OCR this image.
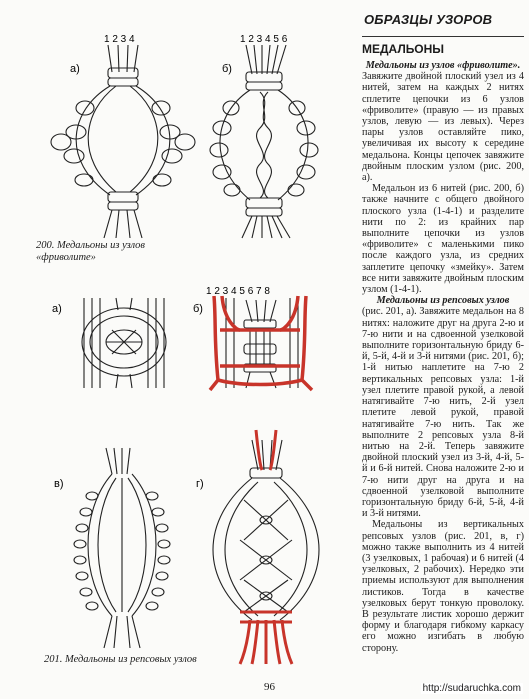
а)
1 2 3 4
б)
1 2 3 4 5 6
а)	б)
1 2 3 4 5 6 7 8
в)	г)
200. Медальоны из узлов
«фриволите»
201. Медальоны из репсовых узлов
ОБРАЗЦЫ УЗОРОВ
МЕДАЛЬОНЫ

Медальоны из узлов «фриволите».

Завяжите двойной плоский узел из 4 нитей, затем на каждых 2 нитях сплетите цепочки из 6 узлов «фриволите» (правую — из правых узлов, левую — из левых). Через пары узлов оставляйте пико, увеличивая их высоту к середине медальона. Концы цепочек завяжите двойным плоским узлом (рис. 200, а).

Медальон из 6 нитей (рис. 200, б) также начните с общего двойного плоского узла (1-4-1) и разделите нити по 2: из крайних пар выполните цепочки из узлов «фриволите» с маленькими пико после каждого узла, из средних заплетите цепочку «змейку». Затем все нити завяжите двойным плоским узлом (1-4-1).

Медальоны из репсовых узлов

(рис. 201, а). Завяжите медальон на 8 нитях: наложите друг на друга 2-ю и 7-ю нити и на сдвоенной узелковой выполните горизонтальную бриду 6-й, 5-й, 4-й и 3-й нитями (рис. 201, б); 1-й нитью наплетите на 7-ю 2 вертикальных репсовых узла: 1-й узел плетите правой рукой, а левой натягивайте 7-ю нить, 2-й узел плетите левой рукой, правой натягивайте 7-ю нить. Так же выполните 2 репсовых узла 8-й нитью на 2-й. Теперь завяжите двойной плоский узел из 3-й, 4-й, 5-й и 6-й нитей. Снова наложите 2-ю и 7-ю нити друг на друга и на сдвоенной узелковой выполните горизонтальную бриду 6-й, 5-й, 4-й и 3-й нитями.

Медальоны из вертикальных репсовых узлов (рис. 201, в, г) можно также выполнить из 4 нитей (3 узелковых, 1 рабочая) и 6 нитей (4 узелковых, 2 рабочих). Нередко эти приемы используют для выполнения листиков. Тогда в качестве узелковых берут тонкую проволоку. В результате листик хорошо держит форму и благодаря гибкому каркасу его можно изгибать в любую сторону.

96	http://sudaruchka.com
